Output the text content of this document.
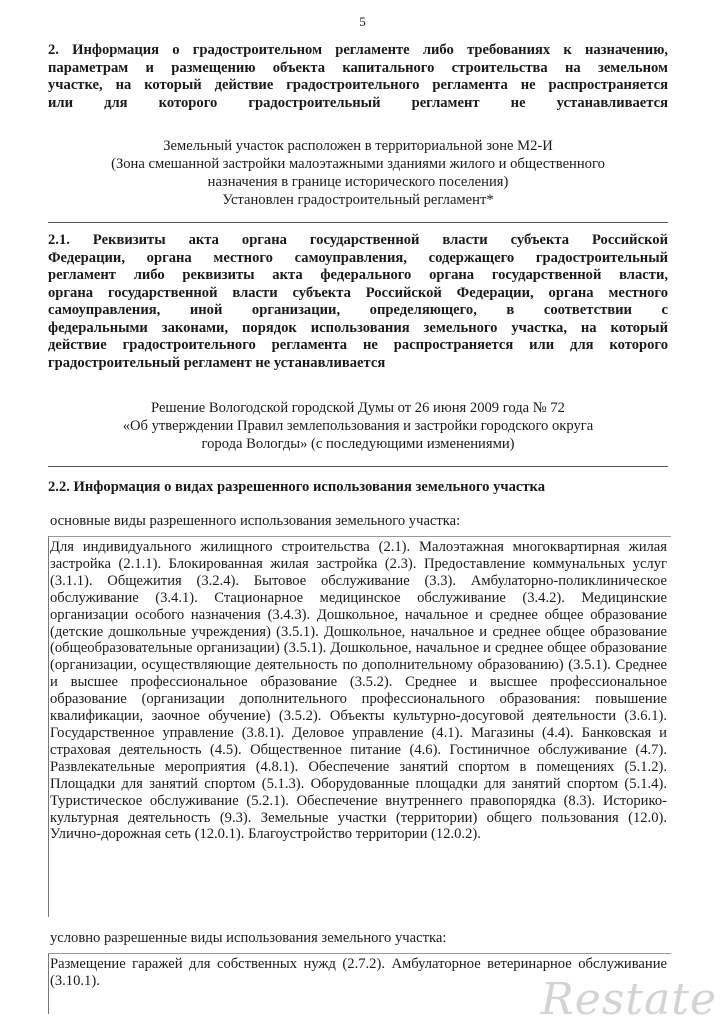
5
2. Информация о градостроительном регламенте либо требованиях к назначению,
параметрам и размещению объекта капитального строительства на земельном
участке, на который действие градостроительного регламента не распространяется
или для которого градостроительный регламент не устанавливается
Земельный участок расположен в территориальной зоне М2-И
(Зона смешанной застройки малоэтажными зданиями жилого и общественного
назначения в границе исторического поселения)
Установлен градостроительный регламент*
2.1. Реквизиты акта органа государственной власти субъекта Российской
Федерации, органа местного самоуправления, содержащего градостроительный
регламент либо реквизиты акта федерального органа государственной власти,
органа государственной власти субъекта Российской Федерации, органа местного
самоуправления, иной организации, определяющего, в соответствии с
федеральными законами, порядок использования земельного участка, на который
действие градостроительного регламента не распространяется или для которого
градостроительный регламент не устанавливается
Решение Вологодской городской Думы от 26 июня 2009 года № 72
«Об утверждении Правил землепользования и застройки городского округа
города Вологды» (с последующими изменениями)
2.2. Информация о видах разрешенного использования земельного участка
основные виды разрешенного использования земельного участка:
Для индивидуального жилищного строительства (2.1). Малоэтажная многоквартирная жилая застройка (2.1.1). Блокированная жилая застройка (2.3). Предоставление коммунальных услуг (3.1.1). Общежития (3.2.4). Бытовое обслуживание (3.3). Амбулаторно-поликлиническое обслуживание (3.4.1). Стационарное медицинское обслуживание (3.4.2). Медицинские организации особого назначения (3.4.3). Дошкольное, начальное и среднее общее образование (детские дошкольные учреждения) (3.5.1). Дошкольное, начальное и среднее общее образование (общеобразовательные организации) (3.5.1). Дошкольное, начальное и среднее общее образование (организации, осуществляющие деятельность по дополнительному образованию) (3.5.1). Среднее и высшее профессиональное образование (3.5.2). Среднее и высшее профессиональное образование (организации дополнительного профессионального образования: повышение квалификации, заочное обучение) (3.5.2). Объекты культурно-досуговой деятельности (3.6.1). Государственное управление (3.8.1). Деловое управление (4.1). Магазины (4.4). Банковская и страховая деятельность (4.5). Общественное питание (4.6). Гостиничное обслуживание (4.7). Развлекательные мероприятия (4.8.1). Обеспечение занятий спортом в помещениях (5.1.2). Площадки для занятий спортом (5.1.3). Оборудованные площадки для занятий спортом (5.1.4). Туристическое обслуживание (5.2.1). Обеспечение внутреннего правопорядка (8.3). Историко-культурная деятельность (9.3). Земельные участки (территории) общего пользования (12.0). Улично-дорожная сеть (12.0.1). Благоустройство территории (12.0.2).
условно разрешенные виды использования земельного участка:
Размещение гаражей для собственных нужд (2.7.2). Амбулаторное ветеринарное обслуживание (3.10.1).	Restate
